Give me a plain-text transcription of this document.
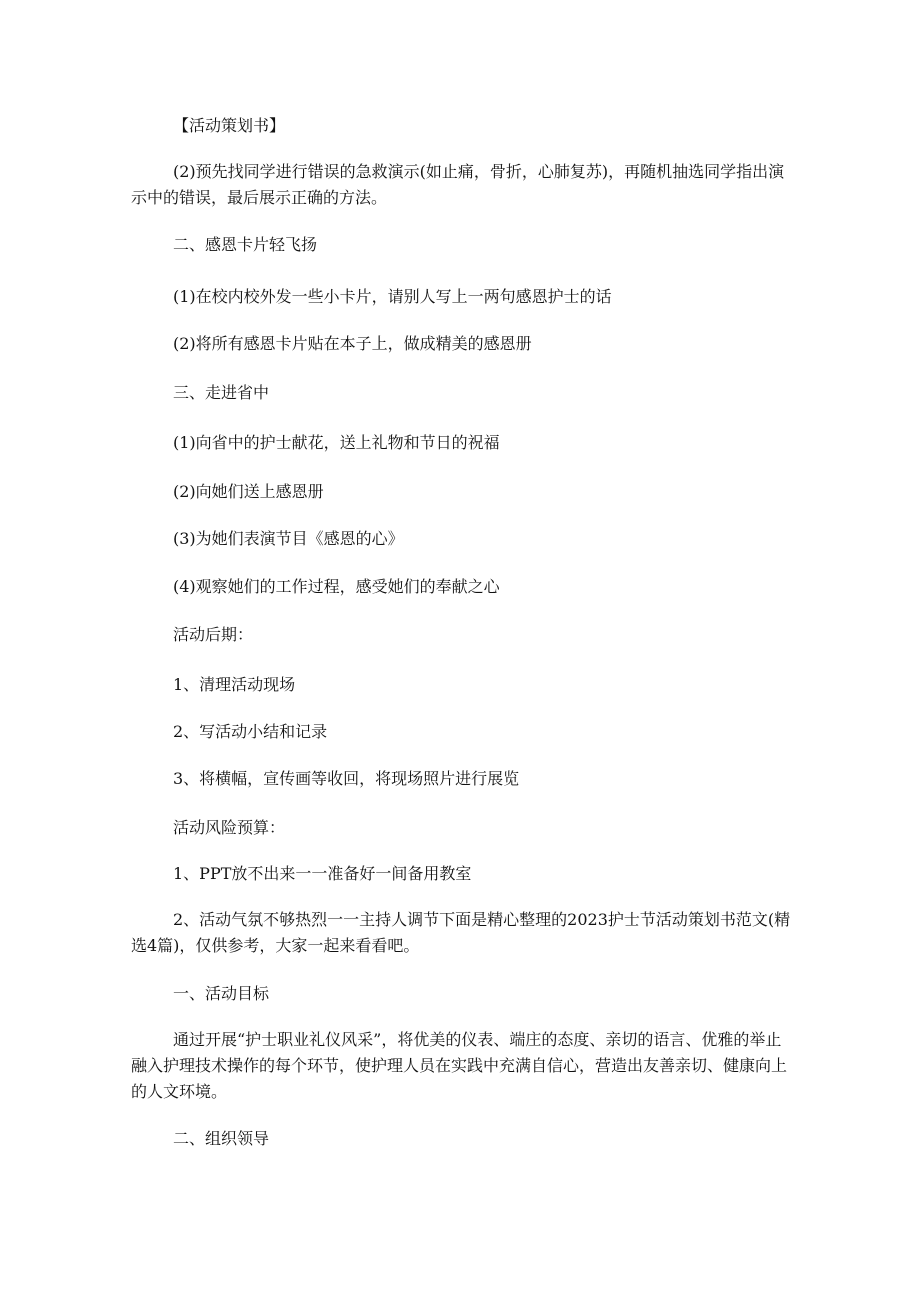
【活动策划书】

(2)预先找同学进行错误的急救演示(如止痛，骨折，心肺复苏)，再随机抽选同学指出演示中的错误，最后展示正确的方法。

二、感恩卡片轻飞扬

(1)在校内校外发一些小卡片，请别人写上一两句感恩护士的话

(2)将所有感恩卡片贴在本子上，做成精美的感恩册

三、走进省中

(1)向省中的护士献花，送上礼物和节日的祝福

(2)向她们送上感恩册

(3)为她们表演节目《感恩的心》

(4)观察她们的工作过程，感受她们的奉献之心

活动后期：

1、清理活动现场

2、写活动小结和记录

3、将横幅，宣传画等收回，将现场照片进行展览

活动风险预算：

1、PPT放不出来一一准备好一间备用教室

2、活动气氛不够热烈一一主持人调节下面是精心整理的2023护士节活动策划书范文(精选4篇)，仅供参考，大家一起来看看吧。

一、活动目标

通过开展“护士职业礼仪风采”，将优美的仪表、端庄的态度、亲切的语言、优雅的举止融入护理技术操作的每个环节，使护理人员在实践中充满自信心，营造出友善亲切、健康向上的人文环境。

二、组织领导
